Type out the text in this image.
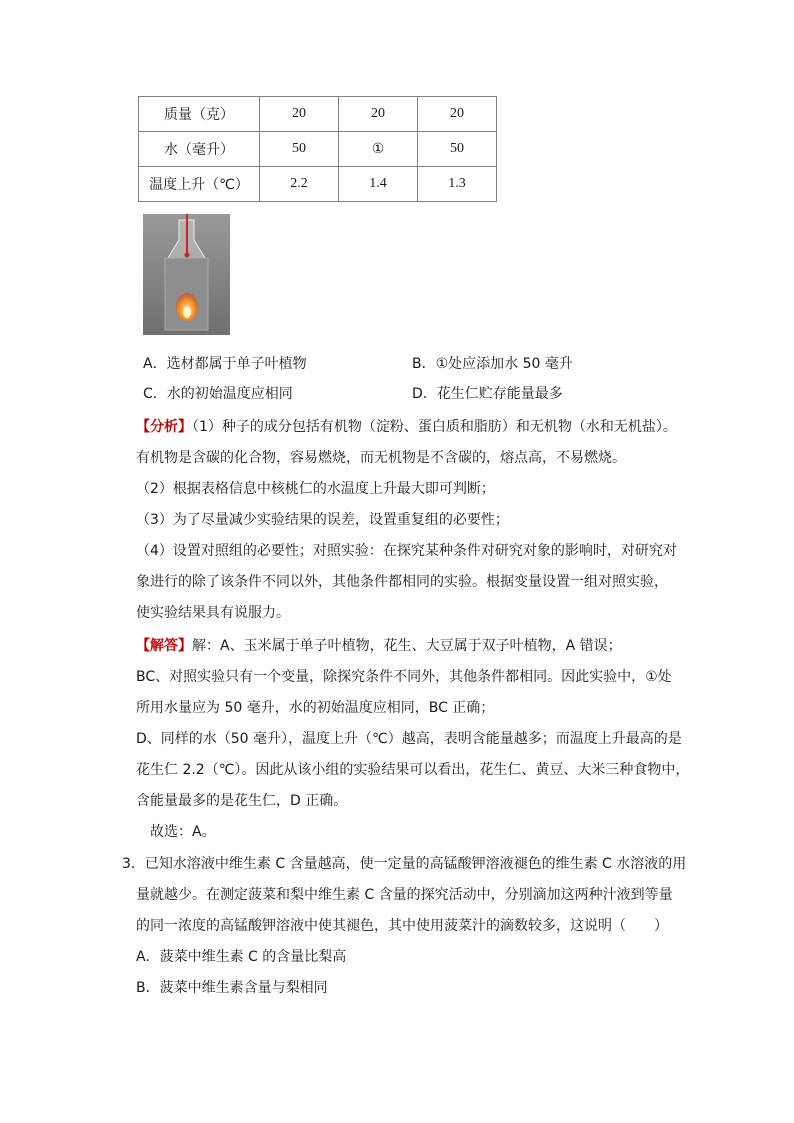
质量（克）	20	20	20
水（毫升）	50	①	50
温度上升（℃）	2.2	1.4	1.3
A．选材都属于单子叶植物	B．①处应添加水 50 毫升
C．水的初始温度应相同	D．花生仁贮存能量最多
【分析】（1）种子的成分包括有机物（淀粉、蛋白质和脂肪）和无机物（水和无机盐）。
有机物是含碳的化合物，容易燃烧，而无机物是不含碳的，熔点高，不易燃烧。
（2）根据表格信息中核桃仁的水温度上升最大即可判断；
（3）为了尽量减少实验结果的误差，设置重复组的必要性；
（4）设置对照组的必要性；对照实验：在探究某种条件对研究对象的影响时，对研究对
象进行的除了该条件不同以外，其他条件都相同的实验。根据变量设置一组对照实验，
使实验结果具有说服力。
【解答】解：A、玉米属于单子叶植物，花生、大豆属于双子叶植物，A 错误；
BC、对照实验只有一个变量，除探究条件不同外，其他条件都相同。因此实验中，①处
所用水量应为 50 毫升，水的初始温度应相同，BC 正确；
D、同样的水（50 毫升），温度上升（℃）越高，表明含能量越多；而温度上升最高的是
花生仁 2.2（℃）。因此从该小组的实验结果可以看出，花生仁、黄豆、大米三种食物中，
含能量最多的是花生仁，D 正确。
故选：A。
3．已知水溶液中维生素 C 含量越高，使一定量的高锰酸钾溶液褪色的维生素 C 水溶液的用
量就越少。在测定菠菜和梨中维生素 C 含量的探究活动中，分别滴加这两种汁液到等量
的同一浓度的高锰酸钾溶液中使其褪色，其中使用菠菜汁的滴数较多，这说明（　　）
A．菠菜中维生素 C 的含量比梨高
B．菠菜中维生素含量与梨相同
